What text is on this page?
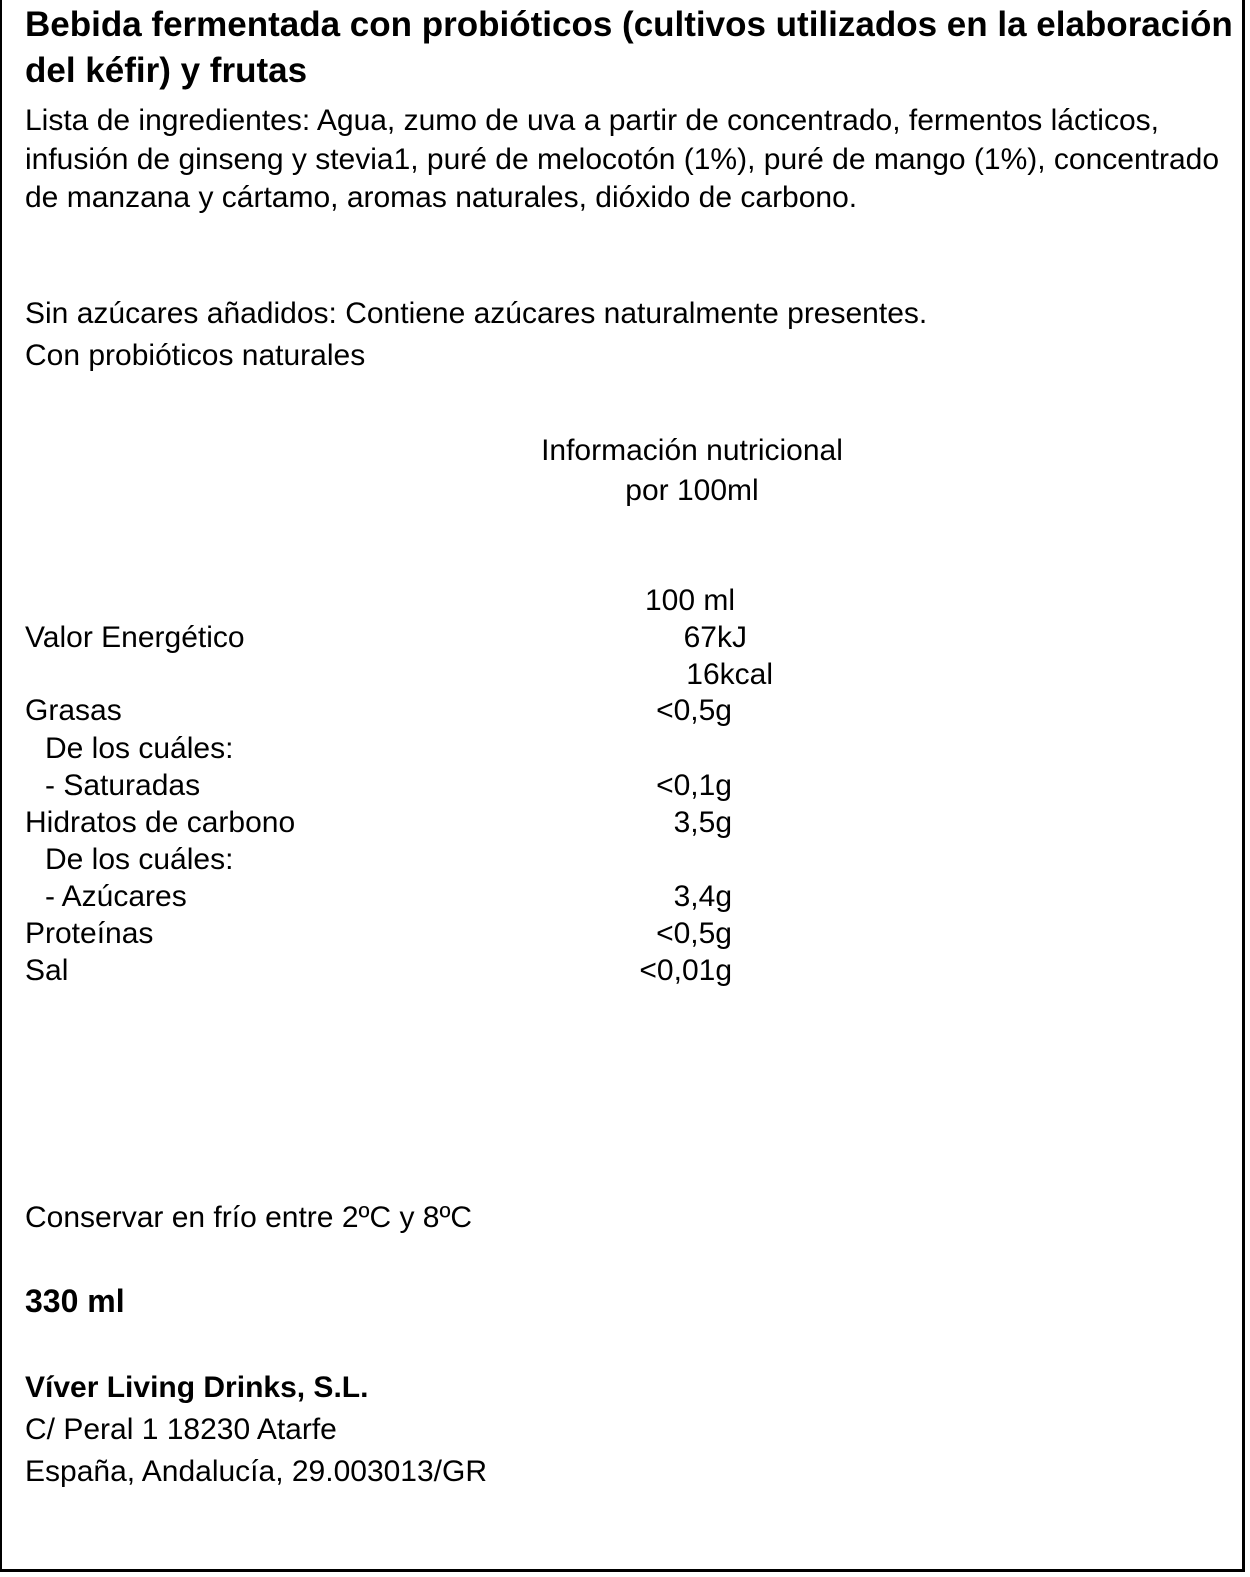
Bebida fermentada con probióticos (cultivos utilizados en la elaboración del kéfir) y frutas
Lista de ingredientes: Agua, zumo de uva a partir de concentrado, fermentos lácticos, infusión de ginseng y stevia1, puré de melocotón (1%), puré de mango (1%), concentrado de manzana y cártamo, aromas naturales, dióxido de carbono.
Sin azúcares añadidos: Contiene azúcares naturalmente presentes.
Con probióticos naturales
Información nutricional
por 100ml
100 ml
Valor Energético	67kJ
16kcal
Grasas	<0,5g
De los cuáles:
- Saturadas	<0,1g
Hidratos de carbono	3,5g
De los cuáles:
- Azúcares	3,4g
Proteínas	<0,5g
Sal	<0,01g
Conservar en frío entre 2ºC y 8ºC
330 ml
Víver Living Drinks, S.L.
C/ Peral 1 18230 Atarfe
España, Andalucía, 29.003013/GR
